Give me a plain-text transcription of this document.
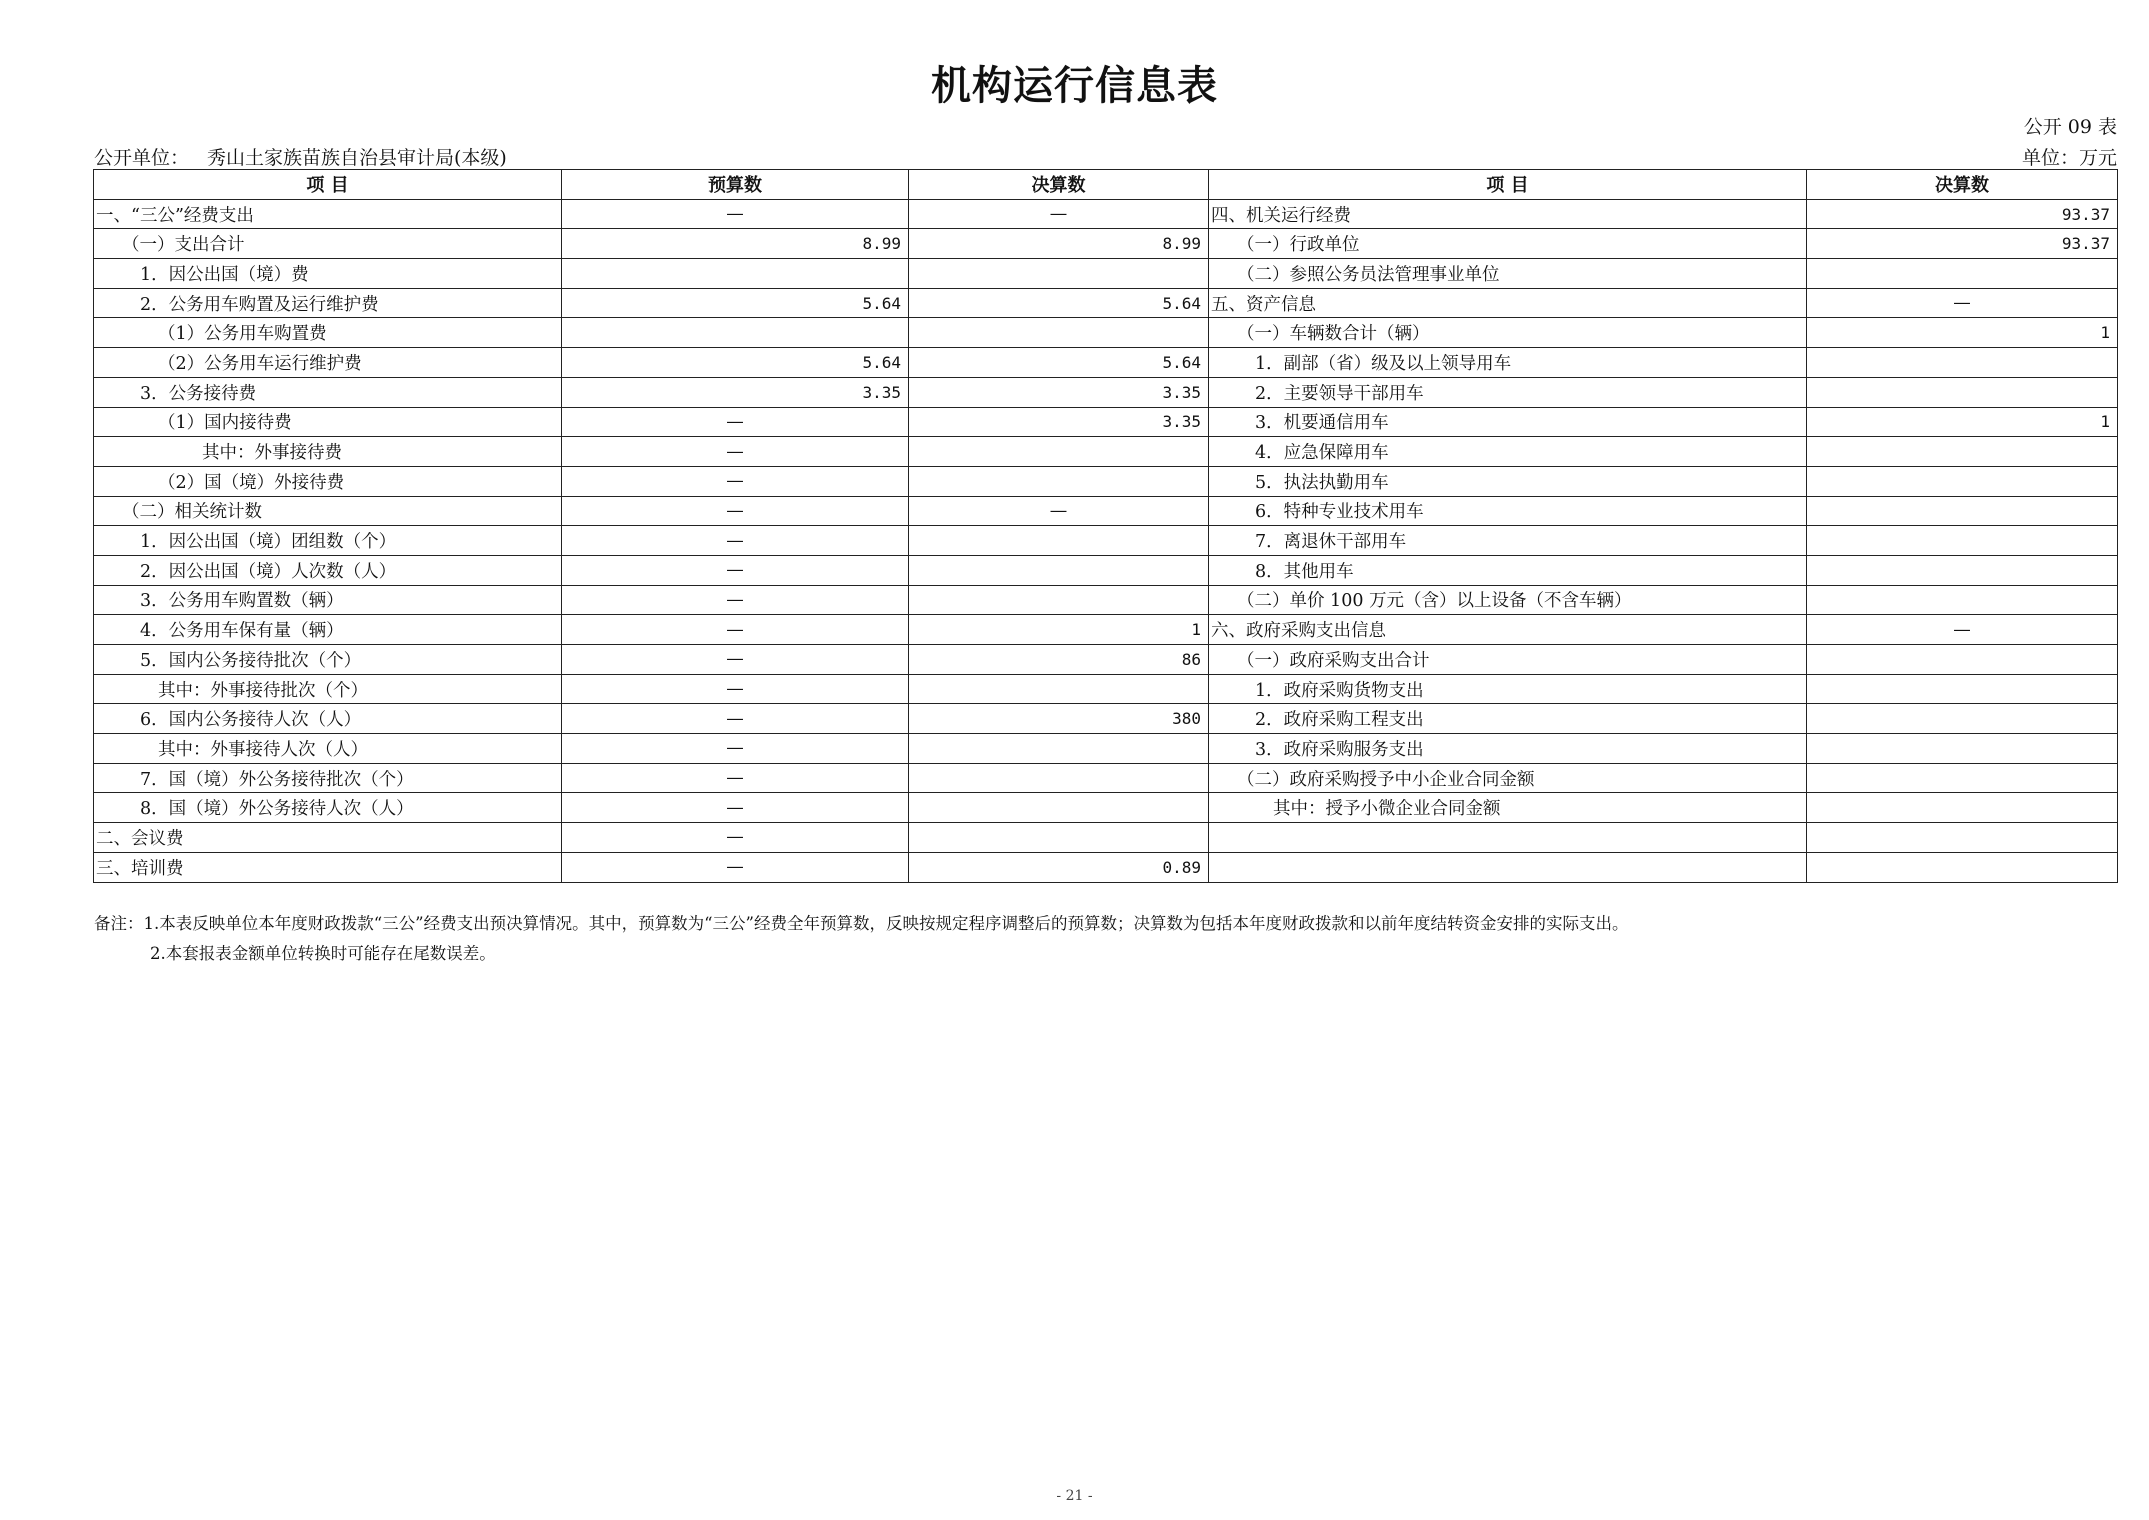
机构运行信息表
公开 09 表
公开单位： 秀山土家族苗族自治县审计局(本级)	单位：万元
项 目	预算数	决算数	项 目	决算数
一、“三公”经费支出	—	—	四、机关运行经费	93.37
（一）支出合计	8.99	8.99	（一）行政单位	93.37
1．因公出国（境）费			（二）参照公务员法管理事业单位	
2．公务用车购置及运行维护费	5.64	5.64	五、资产信息	—
（1）公务用车购置费			（一）车辆数合计（辆）	1
（2）公务用车运行维护费	5.64	5.64	1．副部（省）级及以上领导用车	
3．公务接待费	3.35	3.35	2．主要领导干部用车	
（1）国内接待费	—	3.35	3．机要通信用车	1
其中：外事接待费	—		4．应急保障用车	
（2）国（境）外接待费	—		5．执法执勤用车	
（二）相关统计数	—	—	6．特种专业技术用车	
1．因公出国（境）团组数（个）	—		7．离退休干部用车	
2．因公出国（境）人次数（人）	—		8．其他用车	
3．公务用车购置数（辆）	—		（二）单价 100 万元（含）以上设备（不含车辆）	
4．公务用车保有量（辆）	—	1	六、政府采购支出信息	—
5．国内公务接待批次（个）	—	86	（一）政府采购支出合计	
其中：外事接待批次（个）	—		1．政府采购货物支出	
6．国内公务接待人次（人）	—	380	2．政府采购工程支出	
其中：外事接待人次（人）	—		3．政府采购服务支出	
7．国（境）外公务接待批次（个）	—		（二）政府采购授予中小企业合同金额	
8．国（境）外公务接待人次（人）	—		其中：授予小微企业合同金额	
二、会议费	—			
三、培训费	—	0.89		
备注：1.本表反映单位本年度财政拨款“三公”经费支出预决算情况。其中，预算数为“三公”经费全年预算数，反映按规定程序调整后的预算数；决算数为包括本年度财政拨款和以前年度结转资金安排的实际支出。
2.本套报表金额单位转换时可能存在尾数误差。
- 21 -
